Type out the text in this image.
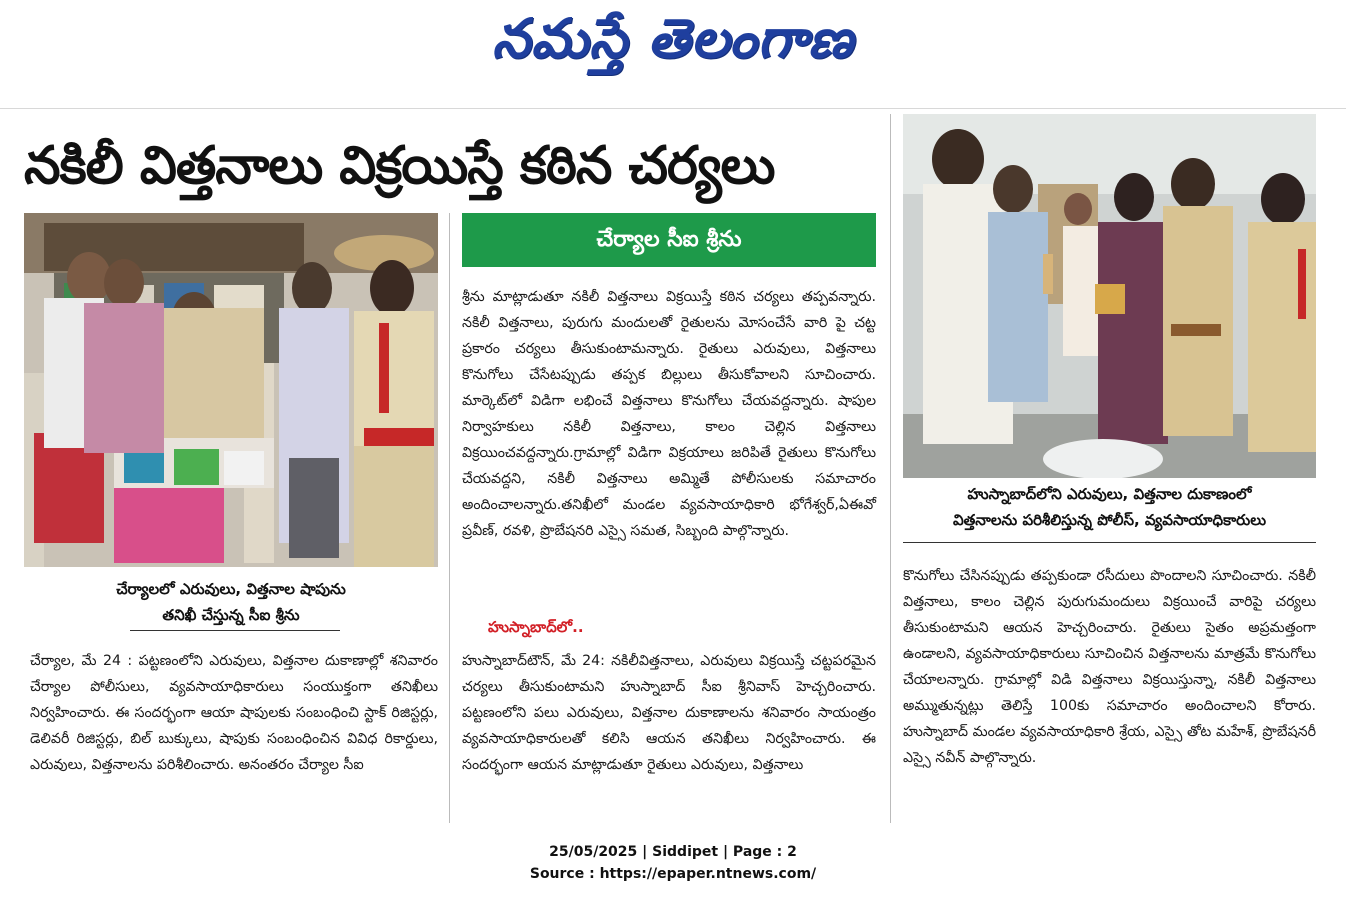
నమస్తే తెలంగాణ
నకిలీ విత్తనాలు విక్రయిస్తే కఠిన చర్యలు
చేర్యాలలో ఎరువులు, విత్తనాల షాపును
తనిఖీ చేస్తున్న సీఐ శ్రీను
చేర్యాల సీఐ శ్రీను
హుస్నాబాద్‌లోని ఎరువులు, విత్తనాల దుకాణంలో
విత్తనాలను పరిశీలిస్తున్న పోలీస్, వ్యవసాయాధికారులు

చేర్యాల, మే 24 : పట్టణంలోని ఎరువులు, విత్తనాల దుకాణాల్లో శనివారం చేర్యాల పోలీసులు, వ్యవసాయాధికారులు సంయుక్తంగా తనిఖీలు నిర్వహించారు. ఈ సందర్భంగా ఆయా షాపులకు సంబంధించి స్టాక్ రిజిస్టర్లు, డెలివరీ రిజిస్టర్లు, బిల్ బుక్కులు, షాపుకు సంబంధించిన వివిధ రికార్డులు, ఎరువులు, విత్తనాలను పరిశీలించారు. అనంతరం చేర్యాల సీఐ

శ్రీను మాట్లాడుతూ నకిలీ విత్తనాలు విక్రయిస్తే కఠిన చర్యలు తప్పవన్నారు. నకిలీ విత్తనాలు, పురుగు మందులతో రైతులను మోసంచేసే వారి పై చట్ట ప్రకారం చర్యలు తీసుకుంటామన్నారు. రైతులు ఎరువులు, విత్తనాలు కొనుగోలు చేసేటప్పుడు తప్పక బిల్లులు తీసుకోవాలని సూచించారు. మార్కెట్‌లో విడిగా లభించే విత్తనాలు కొనుగోలు చేయవద్దన్నారు. షాపుల నిర్వాహకులు నకిలీ విత్తనాలు, కాలం చెల్లిన విత్తనాలు విక్రయించవద్దన్నారు.గ్రామాల్లో విడిగా విక్రయాలు జరిపితే రైతులు కొనుగోలు చేయవద్దని, నకిలీ విత్తనాలు అమ్మితే పోలీసులకు సమాచారం అందించాలన్నారు.తనిఖీలో మండల వ్యవసాయాధికారి భోగేశ్వర్,ఏఈవో ప్రవీణ్, రవళి, ప్రొబేషనరి ఎస్సై సమత, సిబ్బంది పాల్గొన్నారు.

హుస్నాబాద్‌లో..

హుస్నాబాద్‌టౌన్, మే 24: నకిలీవిత్తనాలు, ఎరువులు విక్రయిస్తే చట్టపరమైన చర్యలు తీసుకుంటామని హుస్నాబాద్ సీఐ శ్రీనివాస్ హెచ్చరించారు. పట్టణంలోని పలు ఎరువులు, విత్తనాల దుకాణాలను శనివారం సాయంత్రం వ్యవసాయాధికారులతో కలిసి ఆయన తనిఖీలు నిర్వహించారు. ఈ సందర్భంగా ఆయన మాట్లాడుతూ రైతులు ఎరువులు, విత్తనాలు

కొనుగోలు చేసినప్పుడు తప్పకుండా రసీదులు పొందాలని సూచించారు. నకిలీ విత్తనాలు, కాలం చెల్లిన పురుగుమందులు విక్రయించే వారిపై చర్యలు తీసుకుంటామని ఆయన హెచ్చరించారు. రైతులు సైతం అప్రమత్తంగా ఉండాలని, వ్యవసాయాధికారులు సూచించిన విత్తనాలను మాత్రమే కొనుగోలు చేయాలన్నారు. గ్రామాల్లో విడి విత్తనాలు విక్రయిస్తున్నా, నకిలీ విత్తనాలు అమ్ముతున్నట్లు తెలిస్తే 100కు సమాచారం అందించాలని కోరారు. హుస్నాబాద్ మండల వ్యవసాయాధికారి శ్రేయ, ఎస్సై తోట మహేశ్, ప్రొబేషనరీ ఎస్సై నవీన్ పాల్గొన్నారు.

25/05/2025 | Siddipet | Page : 2
Source : https://epaper.ntnews.com/
